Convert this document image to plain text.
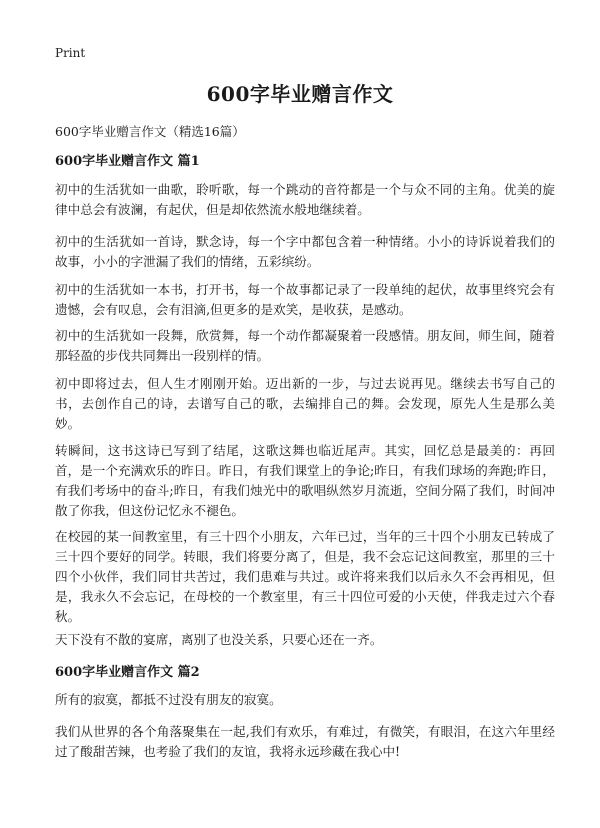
Print
600字毕业赠言作文
600字毕业赠言作文（精选16篇）
600字毕业赠言作文 篇1
初中的生活犹如一曲歌，聆听歌，每一个跳动的音符都是一个与众不同的主角。优美的旋律中总会有波澜，有起伏，但是却依然流水般地继续着。
初中的生活犹如一首诗，默念诗，每一个字中都包含着一种情绪。小小的诗诉说着我们的故事，小小的字泄漏了我们的情绪，五彩缤纷。
初中的生活犹如一本书，打开书，每一个故事都记录了一段单纯的起伏，故事里终究会有遗憾，会有叹息，会有泪滴,但更多的是欢笑，是收获，是感动。
初中的生活犹如一段舞，欣赏舞，每一个动作都凝聚着一段感情。朋友间，师生间，随着那轻盈的步伐共同舞出一段别样的情。
初中即将过去，但人生才刚刚开始。迈出新的一步，与过去说再见。继续去书写自己的书，去创作自己的诗，去谱写自己的歌，去编排自己的舞。会发现，原先人生是那么美妙。
转瞬间，这书这诗已写到了结尾，这歌这舞也临近尾声。其实，回忆总是最美的：再回首，是一个充满欢乐的昨日。昨日，有我们课堂上的争论;昨日，有我们球场的奔跑;昨日，有我们考场中的奋斗;昨日，有我们烛光中的歌唱纵然岁月流逝，空间分隔了我们，时间冲散了你我，但这份记忆永不褪色。
在校园的某一间教室里，有三十四个小朋友，六年已过，当年的三十四个小朋友已转成了三十四个要好的同学。转眼，我们将要分离了，但是，我不会忘记这间教室，那里的三十四个小伙伴，我们同甘共苦过，我们患难与共过。或许将来我们以后永久不会再相见，但是，我永久不会忘记，在母校的一个教室里，有三十四位可爱的小天使，伴我走过六个春秋。
天下没有不散的宴席，离别了也没关系，只要心还在一齐。
600字毕业赠言作文 篇2
所有的寂寞，都抵不过没有朋友的寂寞。
我们从世界的各个角落聚集在一起,我们有欢乐，有难过，有微笑，有眼泪，在这六年里经过了酸甜苦辣，也考验了我们的友谊，我将永远珍藏在我心中!
